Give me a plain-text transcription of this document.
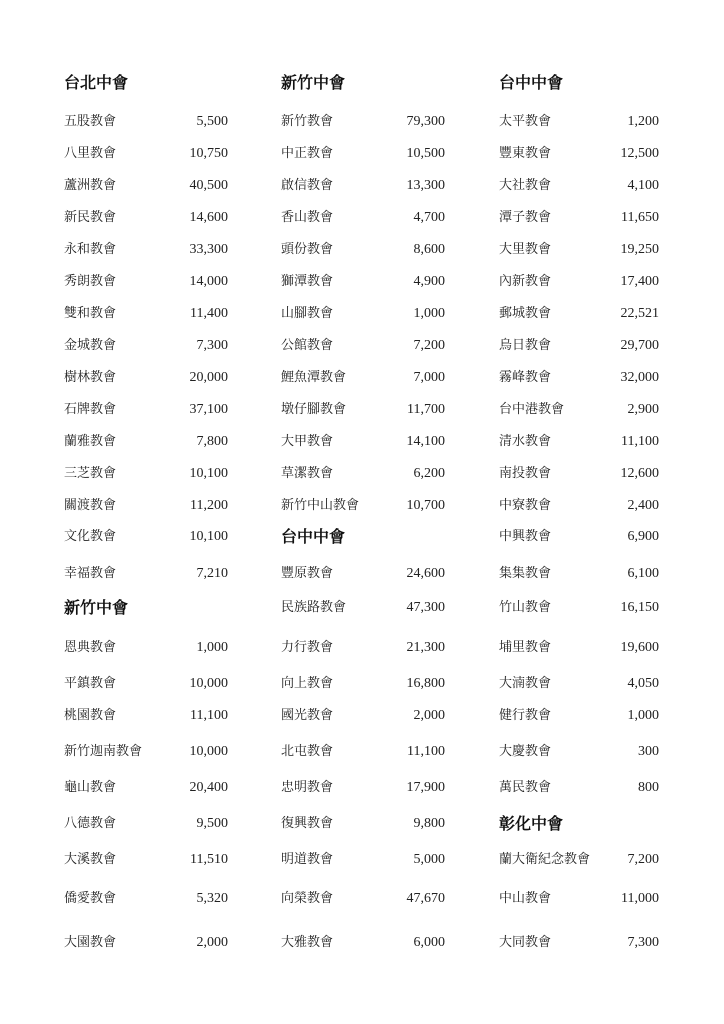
台北中會
五股教會	5,500
八里教會	10,750
蘆洲教會	40,500
新民教會	14,600
永和教會	33,300
秀朗教會	14,000
雙和教會	11,400
金城教會	7,300
樹林教會	20,000
石牌教會	37,100
蘭雅教會	7,800
三芝教會	10,100
關渡教會	11,200
文化教會	10,100
幸福教會	7,210
新竹中會
恩典教會	1,000
平鎮教會	10,000
桃園教會	11,100
新竹迦南教會	10,000
龜山教會	20,400
八德教會	9,500
大溪教會	11,510
僑愛教會	5,320
大園教會	2,000
新竹中會
新竹教會	79,300
中正教會	10,500
啟信教會	13,300
香山教會	4,700
頭份教會	8,600
獅潭教會	4,900
山腳教會	1,000
公館教會	7,200
鯉魚潭教會	7,000
墩仔腳教會	11,700
大甲教會	14,100
草潔教會	6,200
新竹中山教會	10,700
台中中會
豐原教會	24,600
民族路教會	47,300
力行教會	21,300
向上教會	16,800
國光教會	2,000
北屯教會	11,100
忠明教會	17,900
復興教會	9,800
明道教會	5,000
向榮教會	47,670
大雅教會	6,000
台中中會
太平教會	1,200
豐東教會	12,500
大社教會	4,100
潭子教會	11,650
大里教會	19,250
內新教會	17,400
郵城教會	22,521
烏日教會	29,700
霧峰教會	32,000
台中港教會	2,900
清水教會	11,100
南投教會	12,600
中寮教會	2,400
中興教會	6,900
集集教會	6,100
竹山教會	16,150
埔里教會	19,600
大湳教會	4,050
健行教會	1,000
大慶教會	300
萬民教會	800
彰化中會
蘭大衛紀念教會	7,200
中山教會	11,000
大同教會	7,300
